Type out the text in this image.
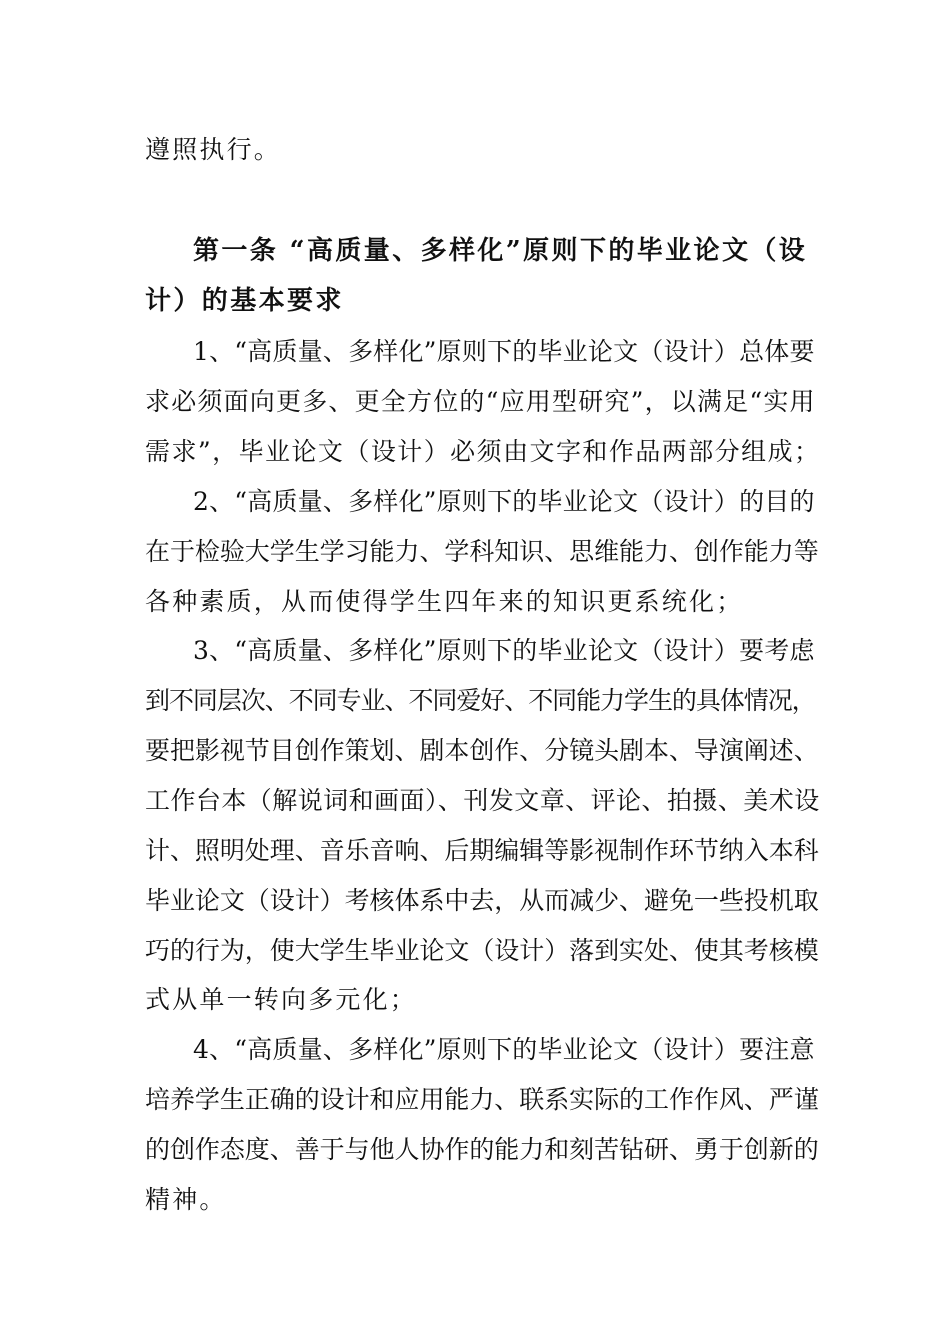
遵照执行。
第一条 “高质量、多样化”原则下的毕业论文（设
计）的基本要求
1、“高质量、多样化”原则下的毕业论文（设计）总体要
求必须面向更多、更全方位的“应用型研究”，以满足“实用
需求”，毕业论文（设计）必须由文字和作品两部分组成；
2、“高质量、多样化”原则下的毕业论文（设计）的目的
在于检验大学生学习能力、学科知识、思维能力、创作能力等
各种素质，从而使得学生四年来的知识更系统化；
3、“高质量、多样化”原则下的毕业论文（设计）要考虑
到不同层次、不同专业、不同爱好、不同能力学生的具体情况，
要把影视节目创作策划、剧本创作、分镜头剧本、导演阐述、
工作台本（解说词和画面）、刊发文章、评论、拍摄、美术设
计、照明处理、音乐音响、后期编辑等影视制作环节纳入本科
毕业论文（设计）考核体系中去，从而减少、避免一些投机取
巧的行为，使大学生毕业论文（设计）落到实处、使其考核模
式从单一转向多元化；
4、“高质量、多样化”原则下的毕业论文（设计）要注意
培养学生正确的设计和应用能力、联系实际的工作作风、严谨
的创作态度、善于与他人协作的能力和刻苦钻研、勇于创新的
精神。
